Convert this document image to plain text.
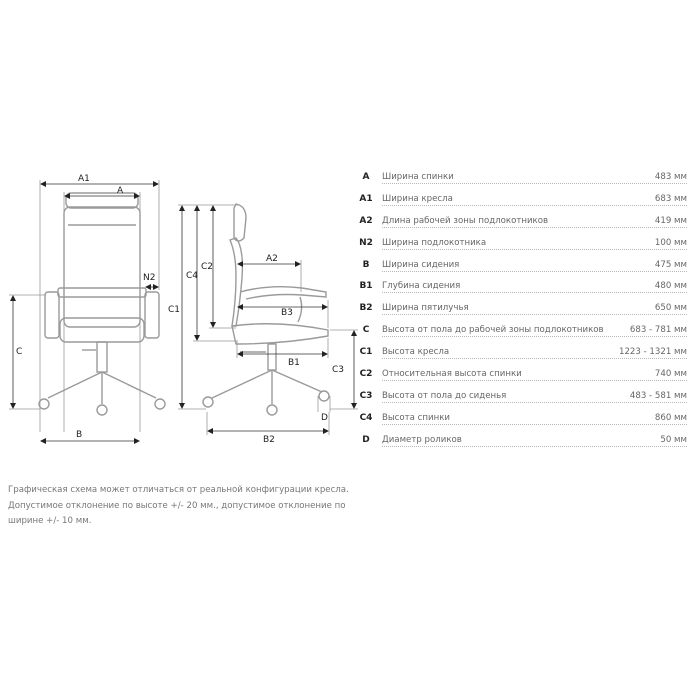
A1
A
N2
C
B
C4
C2
C1
A2
B3
B1
C3
D
B2
A	Ширина спинки	483 мм
A1	Ширина кресла	683 мм
A2	Длина рабочей зоны подлокотников	419 мм
N2	Ширина подлокотника	100 мм
B	Ширина сидения	475 мм
B1	Глубина сидения	480 мм
B2	Ширина пятилучья	650 мм
C	Высота от пола до рабочей зоны подлокотников	683 - 781 мм
C1	Высота кресла	1223 - 1321 мм
C2	Относительная высота спинки	740 мм
C3	Высота от пола до сиденья	483 - 581 мм
C4	Высота спинки	860 мм
D	Диаметр роликов	50 мм
Графическая схема может отличаться от реальной конфигурации кресла.
Допустимое отклонение по высоте +/- 20 мм., допустимое отклонение по
ширине +/- 10 мм.
